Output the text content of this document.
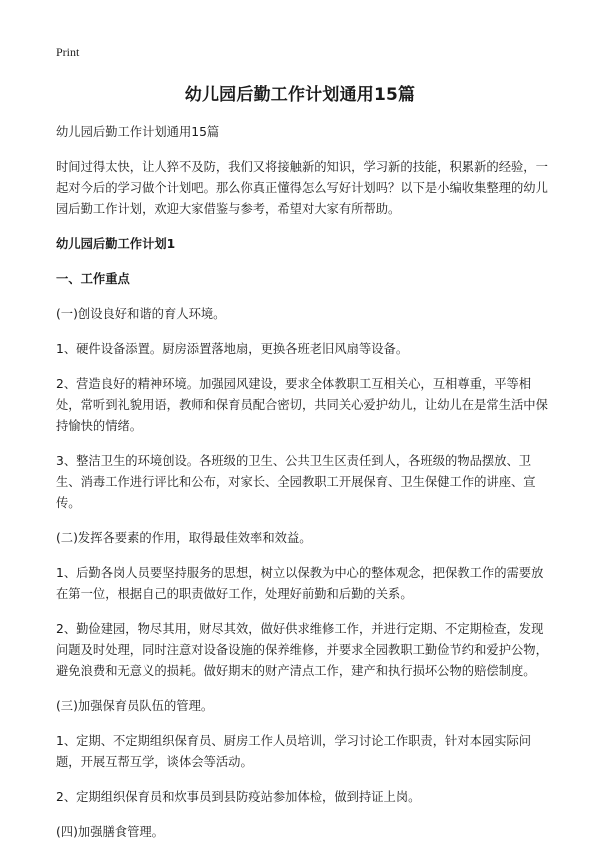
Print
幼儿园后勤工作计划通用15篇

幼儿园后勤工作计划通用15篇

时间过得太快，让人猝不及防，我们又将接触新的知识，学习新的技能，积累新的经验，一起对今后的学习做个计划吧。那么你真正懂得怎么写好计划吗？以下是小编收集整理的幼儿园后勤工作计划，欢迎大家借鉴与参考，希望对大家有所帮助。

幼儿园后勤工作计划1

一、工作重点

(一)创设良好和谐的育人环境。

1、硬件设备添置。厨房添置落地扇，更换各班老旧风扇等设备。

2、营造良好的精神环境。加强园风建设，要求全体教职工互相关心，互相尊重，平等相处，常听到礼貌用语，教师和保育员配合密切，共同关心爱护幼儿，让幼儿在是常生活中保持愉快的情绪。

3、整洁卫生的环境创设。各班级的卫生、公共卫生区责任到人，各班级的物品摆放、卫生、消毒工作进行评比和公布，对家长、全园教职工开展保育、卫生保健工作的讲座、宣传。

(二)发挥各要素的作用，取得最佳效率和效益。

1、后勤各岗人员要坚持服务的思想，树立以保教为中心的整体观念，把保教工作的需要放在第一位，根据自己的职责做好工作，处理好前勤和后勤的关系。

2、勤俭建园，物尽其用，财尽其效，做好供求维修工作，并进行定期、不定期检查，发现问题及时处理，同时注意对设备设施的保养维修，并要求全园教职工勤俭节约和爱护公物，避免浪费和无意义的损耗。做好期末的财产清点工作，建产和执行损坏公物的赔偿制度。

(三)加强保育员队伍的管理。

1、定期、不定期组织保育员、厨房工作人员培训，学习讨论工作职责，针对本园实际问题，开展互帮互学，谈体会等活动。

2、定期组织保育员和炊事员到县防疫站参加体检，做到持证上岗。

(四)加强膳食管理。
